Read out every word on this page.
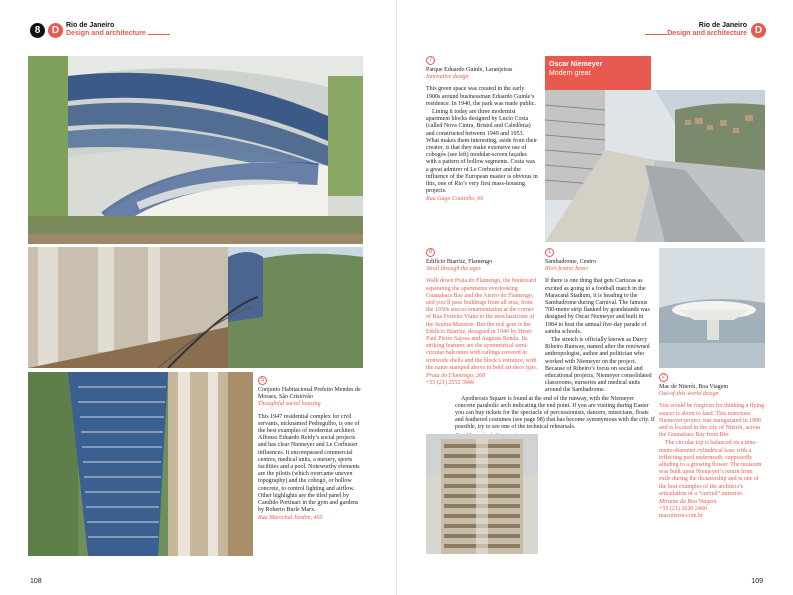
8	D Rio de Janeiro
Design and architecture
5
Conjunto Habitacional Prefeito Mendes de Moraes, São Cristóvão
Thoughtful social housing

This 1947 residential complex for civil servants, nicknamed Pedregulho, is one of the best examples of modernist architect Affonso Eduardo Reidy’s social projects and has clear Niemeyer and Le Corbusier influences. It encompassed commercial centres, medical units, a nursery, sports facilities and a pool. Noteworthy elements are the pilotis (which overcame uneven topography) and the cobogó, or hollow concrete, to control lighting and airflow. Other highlights are the tiled panel by Candido Portinari in the gym and gardens by Roberto Burle Marx.

Rua Marechal Jardim, 450
108
Rio de Janeiro
Design and architecture D
7
Parque Eduardo Guinle, Laranjeiras
Innovative design

This green space was created in the early 1900s around businessman Eduardo Guinle’s residence. In 1940, the park was made public.

Lining it today are three modernist apartment blocks designed by Lucio Costa (called Nova Cintra, Bristol and Caledônia) and constructed between 1949 and 1953. What makes them interesting, aside from their creator, is that they make extensive use of cobogós (see left) modular-screen façades with a pattern of hollow segments. Costa was a great admirer of Le Corbusier and the influence of the European master is obvious in this, one of Rio’s very first mass-housing projects.

Rua Gago Coutinho, 66
8
Edifício Biarritz, Flamengo
Stroll through the ages

Walk down Praia do Flamengo, the boulevard separating the apartments overlooking Guanabara Bay and the Aterro do Flamengo, and you’ll pass buildings from all eras, from the 1930s stucco ornamentation at the corner of Rua Ferreira Viana to the neoclassicism of the Seabra Mansion. But the real gem is the Edifício Biarritz, designed in 1940 by Henri Paul Pierre Sajous and Auguste Rendu. Its striking features are the symmetrical semi-circular balconies with railings covered in ironwork shells and the block’s entrance, with the name stamped above in bold art deco type.

Praia do Flamengo, 268
+55 (21) 2552 3949
Oscar Niemeyer
Modern great
1
Sambadrome, Centro
Rio’s festive heart

If there is one thing that gets Cariocas as excited as going to a football match in the Maracanã Stadium, it is heading to the Sambadrome during Carnival. The famous 700-metre strip flanked by grandstands was designed by Oscar Niemeyer and built in 1984 to host the annual five-day parade of samba schools.

The stretch is officially known as Darcy Ribeiro Runway, named after the renowned anthropologist, author and politician who worked with Niemeyer on the project. Because of Ribeiro’s focus on social and educational projects, Niemeyer consolidated classrooms, nurseries and medical units around the Sambadrome.

Apotheosis Square is found at the end of the runway, with the Niemeyer concrete parabolic arch indicating the end point. If you are visiting during Easter you can buy tickets for the spectacle of percussionists, dancers, musicians, floats and feathered costumes (see page 98) that has become synonymous with the city. If possible, try to see one of the technical rehearsals.

2
Mac de Niterói, Boa Viagem
Out-of-this-world design

You would be forgiven for thinking a flying saucer is about to land. This notorious Niemeyer project was inaugurated in 1996 and is located in the city of Niterói, across the Guanabara Bay from Rio.

The circular top is balanced on a nine-metre-diameter cylindrical base with a reflecting pool underneath, supposedly alluding to a growing flower. The museum was built upon Niemeyer’s return from exile during the dictatorship and is one of the best examples of the architect’s articulation of a “curved” universe.

Mirante da Boa Viagem
+55 (21) 2620 2400
macniteroi.com.br
109
